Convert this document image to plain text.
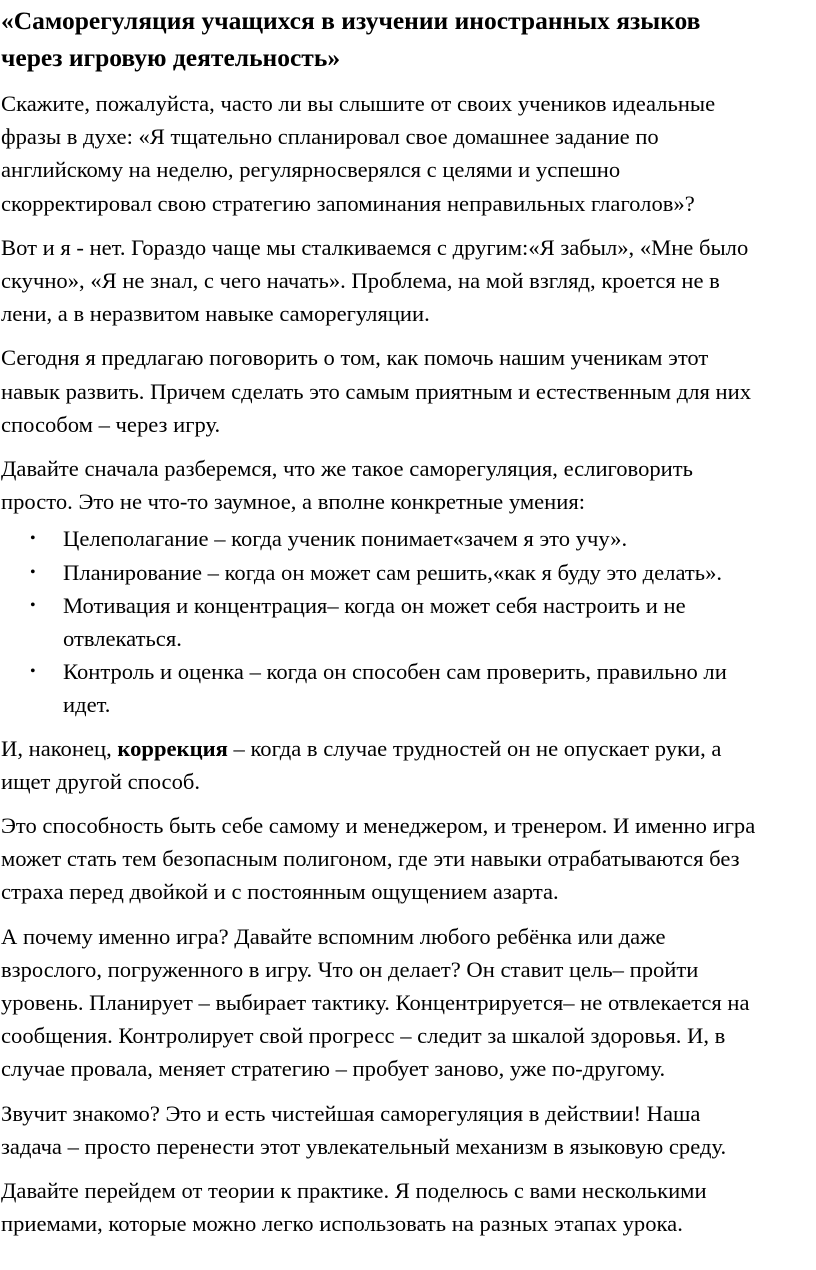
«Саморегуляция учащихся в изучении иностранных языков
через игровую деятельность»

Скажите, пожалуйста, часто ли вы слышите от своих учеников идеальные
фразы в духе: «Я тщательно спланировал свое домашнее задание по
английскому на неделю, регулярносверялся с целями и успешно
скорректировал свою стратегию запоминания неправильных глаголов»?

Вот и я - нет. Гораздо чаще мы сталкиваемся с другим:«Я забыл», «Мне было
скучно», «Я не знал, с чего начать». Проблема, на мой взгляд, кроется не в
лени, а в неразвитом навыке саморегуляции.

Сегодня я предлагаю поговорить о том, как помочь нашим ученикам этот
навык развить. Причем сделать это самым приятным и естественным для них
способом – через игру.

Давайте сначала разберемся, что же такое саморегуляция, еслиговорить
просто. Это не что-то заумное, а вполне конкретные умения:

• Целеполагание – когда ученик понимает«зачем я это учу».
• Планирование – когда он может сам решить,«как я буду это делать».
• Мотивация и концентрация– когда он может себя настроить и не
отвлекаться.
• Контроль и оценка – когда он способен сам проверить, правильно ли
идет.

И, наконец, коррекция – когда в случае трудностей он не опускает руки, а
ищет другой способ.

Это способность быть себе самому и менеджером, и тренером. И именно игра
может стать тем безопасным полигоном, где эти навыки отрабатываются без
страха перед двойкой и с постоянным ощущением азарта.

А почему именно игра? Давайте вспомним любого ребёнка или даже
взрослого, погруженного в игру. Что он делает? Он ставит цель– пройти
уровень. Планирует – выбирает тактику. Концентрируется– не отвлекается на
сообщения. Контролирует свой прогресс – следит за шкалой здоровья. И, в
случае провала, меняет стратегию – пробует заново, уже по-другому.

Звучит знакомо? Это и есть чистейшая саморегуляция в действии! Наша
задача – просто перенести этот увлекательный механизм в языковую среду.

Давайте перейдем от теории к практике. Я поделюсь с вами несколькими
приемами, которые можно легко использовать на разных этапах урока.
